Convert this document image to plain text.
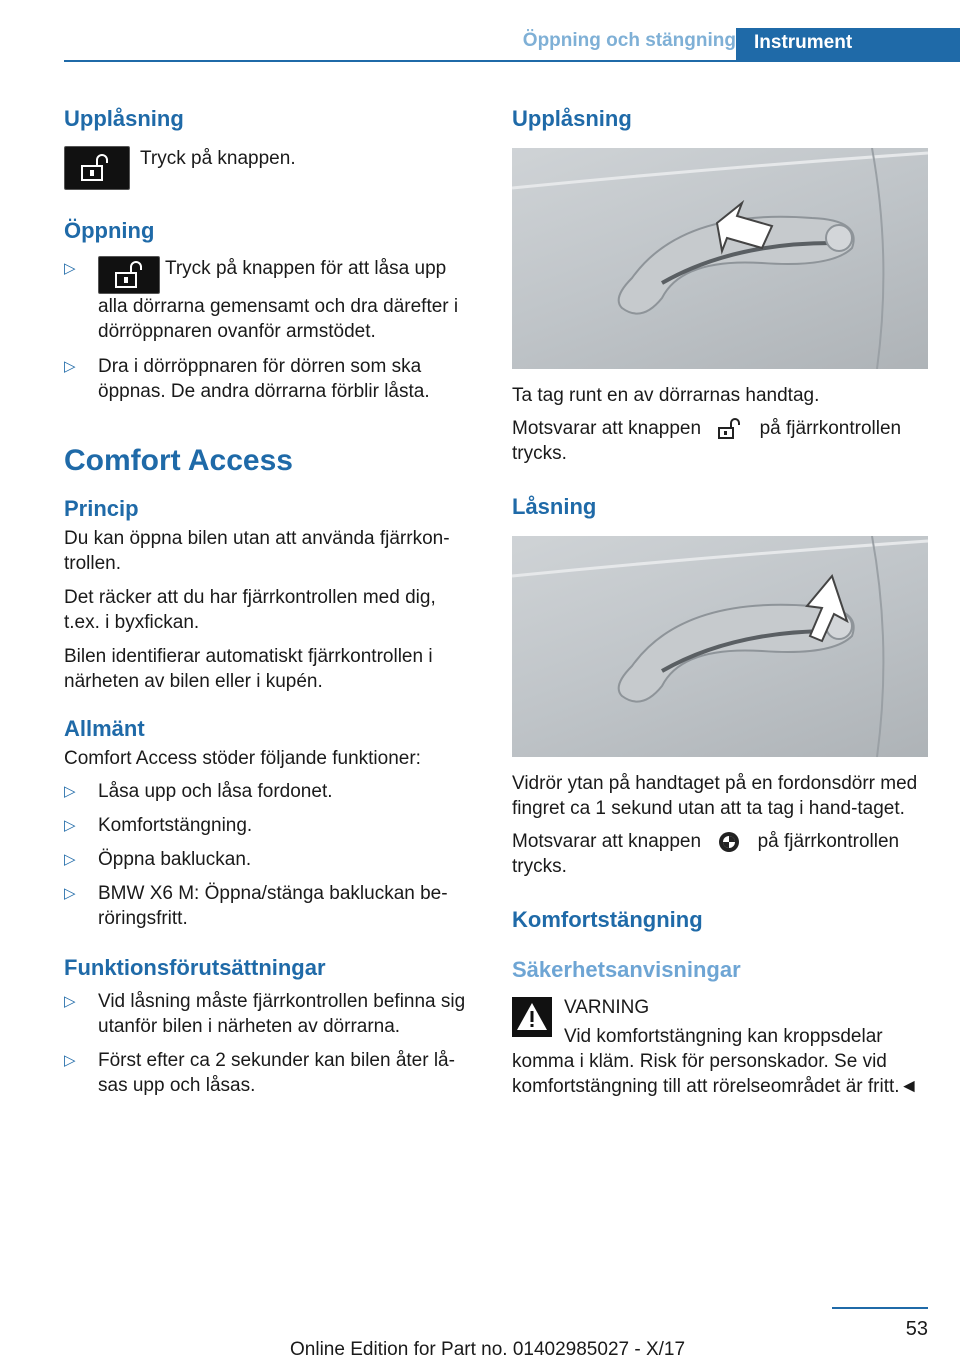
Öppning och stängning Instrument
Upplåsning
Tryck på knappen.
Öppning
▷	Tryck på knappen för att låsa upp alla dörrarna gemensamt och dra därefter i dörröppnaren ovanför armstödet.
▷ Dra i dörröppnaren för dörren som ska öppnas. De andra dörrarna förblir låsta.
Comfort Access
Princip

Du kan öppna bilen utan att använda fjärrkon-trollen.

Det räcker att du har fjärrkontrollen med dig, t.ex. i byxfickan.

Bilen identifierar automatiskt fjärrkontrollen i närheten av bilen eller i kupén.

Allmänt

Comfort Access stöder följande funktioner:

▷ Låsa upp och låsa fordonet.
▷ Komfortstängning.
▷ Öppna bakluckan.
▷ BMW X6 M: Öppna/stänga bakluckan be-röringsfritt.
Funktionsförutsättningar
▷ Vid låsning måste fjärrkontrollen befinna sig utanför bilen i närheten av dörrarna.
▷ Först efter ca 2 sekunder kan bilen åter lå-sas upp och låsas.
Upplåsning

Ta tag runt en av dörrarnas handtag.

Motsvarar att knappen	på fjärrkontrollen trycks.

Låsning

Vidrör ytan på handtaget på en fordonsdörr med fingret ca 1 sekund utan att ta tag i hand-taget.

Motsvarar att knappen	på fjärrkontrollen trycks.

Komfortstängning
Säkerhetsanvisningar

VARNING

Vid komfortstängning kan kroppsdelar komma i kläm. Risk för personskador. Se vid komfortstängning till att rörelseområdet är fritt.◄

53
Online Edition for Part no. 01402985027 - X/17
